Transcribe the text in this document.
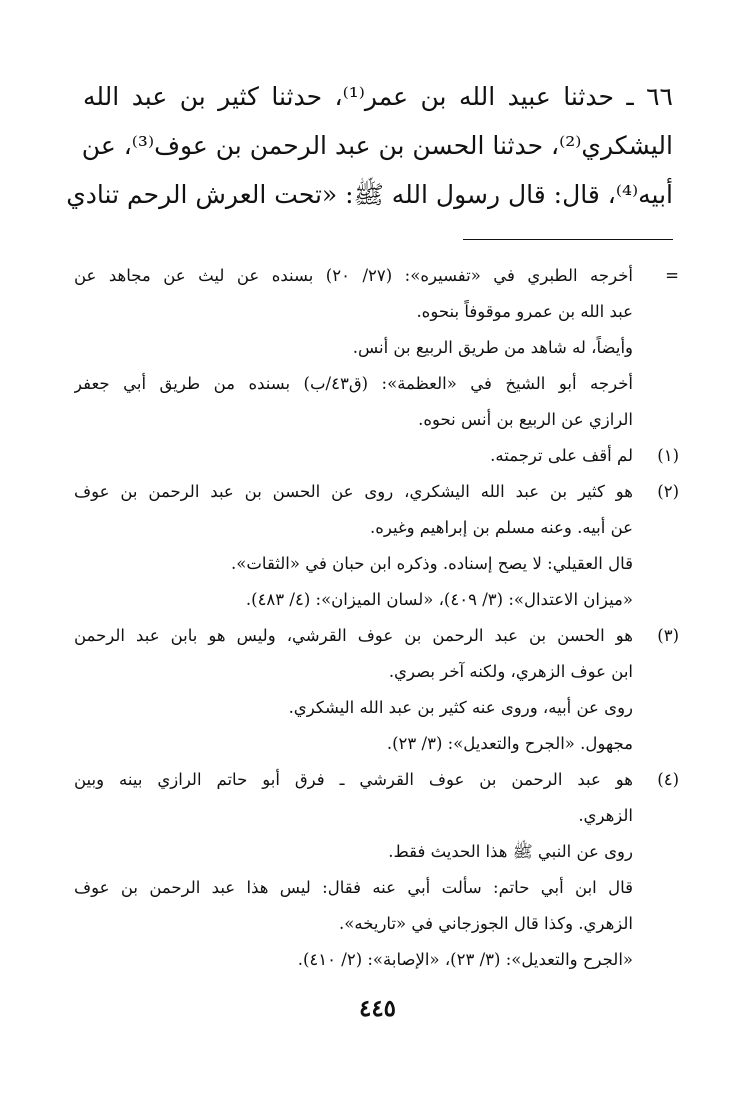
٦٦ ـ حدثنا عبيد الله بن عمر⁽¹⁾، حدثنا كثير بن عبد الله
اليشكري⁽²⁾، حدثنا الحسن بن عبد الرحمن بن عوف⁽³⁾، عن
أبيه⁽⁴⁾، قال: قال رسول الله ﷺ: «تحت العرش الرحم تنادي
=
أخرجه الطبري في «تفسيره»: (٢٧/ ٢٠) بسنده عن ليث عن مجاهد عن
عبد الله بن عمرو موقوفاً بنحوه.
وأيضاً، له شاهد من طريق الربيع بن أنس.
أخرجه أبو الشيخ في «العظمة»: (ق٤٣/ب) بسنده من طريق أبي جعفر
الرازي عن الربيع بن أنس نحوه.
(١)
لم أقف على ترجمته.
(٢)
هو كثير بن عبد الله اليشكري، روى عن الحسن بن عبد الرحمن بن عوف
عن أبيه. وعنه مسلم بن إبراهيم وغيره.
قال العقيلي: لا يصح إسناده. وذكره ابن حبان في «الثقات».
«ميزان الاعتدال»: (٣/ ٤٠٩)، «لسان الميزان»: (٤/ ٤٨٣).
(٣)
هو الحسن بن عبد الرحمن بن عوف القرشي، وليس هو بابن عبد الرحمن
ابن عوف الزهري، ولكنه آخر بصري.
روى عن أبيه، وروى عنه كثير بن عبد الله اليشكري.
مجهول. «الجرح والتعديل»: (٣/ ٢٣).
(٤)
هو عبد الرحمن بن عوف القرشي ـ فرق أبو حاتم الرازي بينه وبين
الزهري.
روى عن النبي ﷺ هذا الحديث فقط.
قال ابن أبي حاتم: سألت أبي عنه فقال: ليس هذا عبد الرحمن بن عوف
الزهري. وكذا قال الجوزجاني في «تاريخه».
«الجرح والتعديل»: (٣/ ٢٣)، «الإصابة»: (٢/ ٤١٠).
٤٤٥
